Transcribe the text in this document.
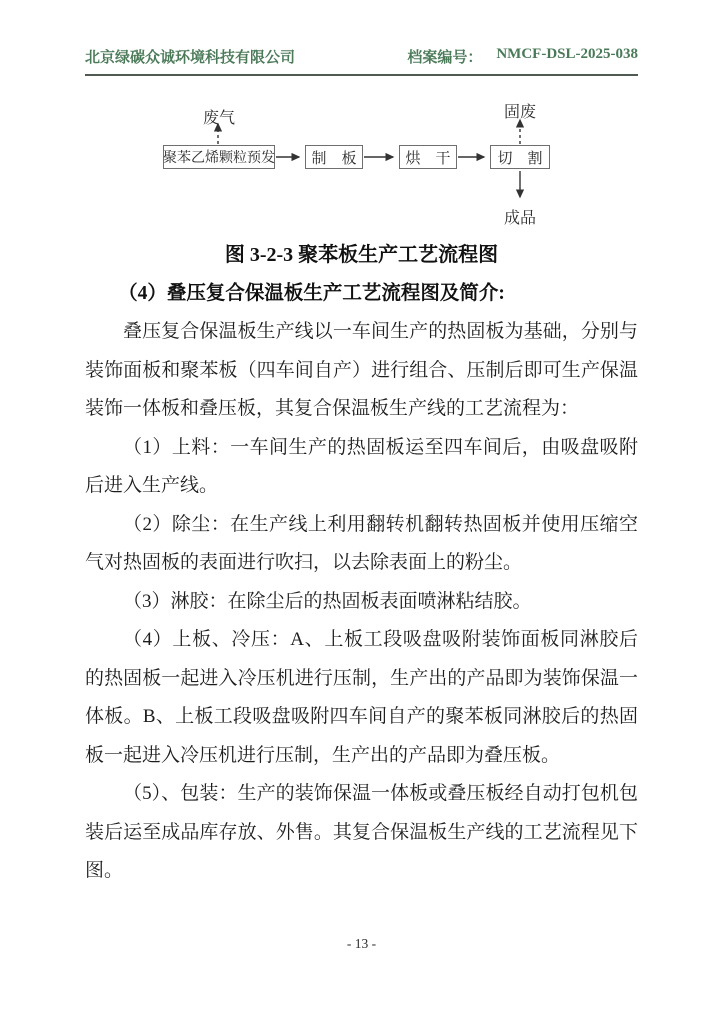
北京绿碳众诚环境科技有限公司	档案编号： NMCF-DSL-2025-038
废气	固废
成品
聚苯乙烯颗粒预发	制　板	烘　干	切　割
图 3-2-3 聚苯板生产工艺流程图
（4）叠压复合保温板生产工艺流程图及简介:

叠压复合保温板生产线以一车间生产的热固板为基础，分别与装饰面板和聚苯板（四车间自产）进行组合、压制后即可生产保温装饰一体板和叠压板，其复合保温板生产线的工艺流程为：

（1）上料：一车间生产的热固板运至四车间后，由吸盘吸附后进入生产线。

（2）除尘：在生产线上利用翻转机翻转热固板并使用压缩空气对热固板的表面进行吹扫，以去除表面上的粉尘。

（3）淋胶：在除尘后的热固板表面喷淋粘结胶。

（4）上板、冷压：A、上板工段吸盘吸附装饰面板同淋胶后的热固板一起进入冷压机进行压制，生产出的产品即为装饰保温一体板。B、上板工段吸盘吸附四车间自产的聚苯板同淋胶后的热固板一起进入冷压机进行压制，生产出的产品即为叠压板。

（5）、包装：生产的装饰保温一体板或叠压板经自动打包机包装后运至成品库存放、外售。其复合保温板生产线的工艺流程见下图。

- 13 -
